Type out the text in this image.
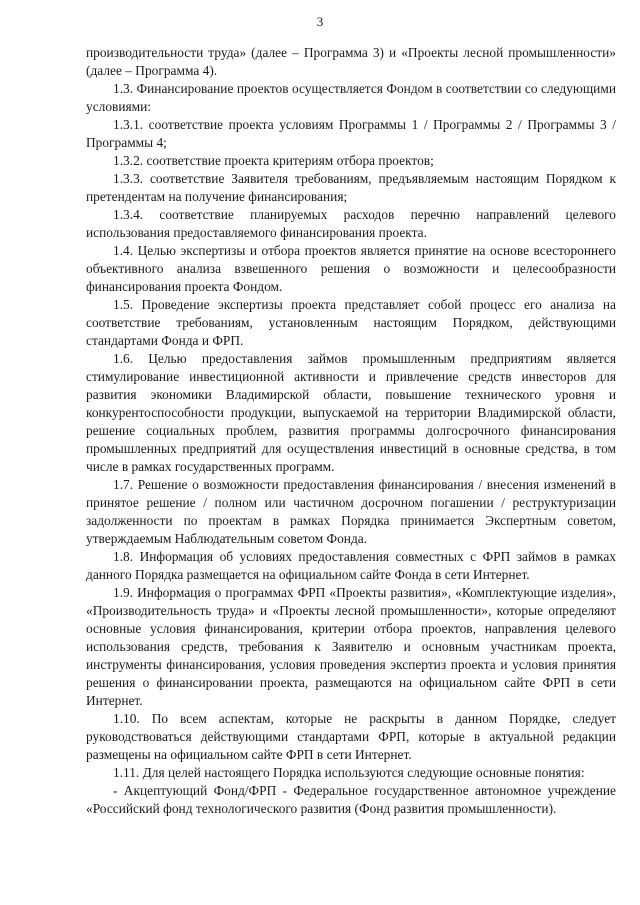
3

производительности труда» (далее – Программа 3) и «Проекты лесной промышленности» (далее – Программа 4).

1.3. Финансирование проектов осуществляется Фондом в соответствии со следующими условиями:

1.3.1. соответствие проекта условиям Программы 1 / Программы 2 / Программы 3 / Программы 4;

1.3.2. соответствие проекта критериям отбора проектов;

1.3.3. соответствие Заявителя требованиям, предъявляемым настоящим Порядком к претендентам на получение финансирования;

1.3.4. соответствие планируемых расходов перечню направлений целевого использования предоставляемого финансирования проекта.

1.4. Целью экспертизы и отбора проектов является принятие на основе всестороннего объективного анализа взвешенного решения о возможности и целесообразности финансирования проекта Фондом.

1.5. Проведение экспертизы проекта представляет собой процесс его анализа на соответствие требованиям, установленным настоящим Порядком, действующими стандартами Фонда и ФРП.

1.6. Целью предоставления займов промышленным предприятиям является стимулирование инвестиционной активности и привлечение средств инвесторов для развития экономики Владимирской области, повышение технического уровня и конкурентоспособности продукции, выпускаемой на территории Владимирской области, решение социальных проблем, развития программы долгосрочного финансирования промышленных предприятий для осуществления инвестиций в основные средства, в том числе в рамках государственных программ.

1.7. Решение о возможности предоставления финансирования / внесения изменений в принятое решение / полном или частичном досрочном погашении / реструктуризации задолженности по проектам в рамках Порядка принимается Экспертным советом, утверждаемым Наблюдательным советом Фонда.

1.8. Информация об условиях предоставления совместных с ФРП займов в рамках данного Порядка размещается на официальном сайте Фонда в сети Интернет.

1.9. Информация о программах ФРП «Проекты развития», «Комплектующие изделия», «Производительность труда» и «Проекты лесной промышленности», которые определяют основные условия финансирования, критерии отбора проектов, направления целевого использования средств, требования к Заявителю и основным участникам проекта, инструменты финансирования, условия проведения экспертиз проекта и условия принятия решения о финансировании проекта, размещаются на официальном сайте ФРП в сети Интернет.

1.10. По всем аспектам, которые не раскрыты в данном Порядке, следует руководствоваться действующими стандартами ФРП, которые в актуальной редакции размещены на официальном сайте ФРП в сети Интернет.

1.11. Для целей настоящего Порядка используются следующие основные понятия:

- Акцептующий Фонд/ФРП - Федеральное государственное автономное учреждение «Российский фонд технологического развития (Фонд развития промышленности).
